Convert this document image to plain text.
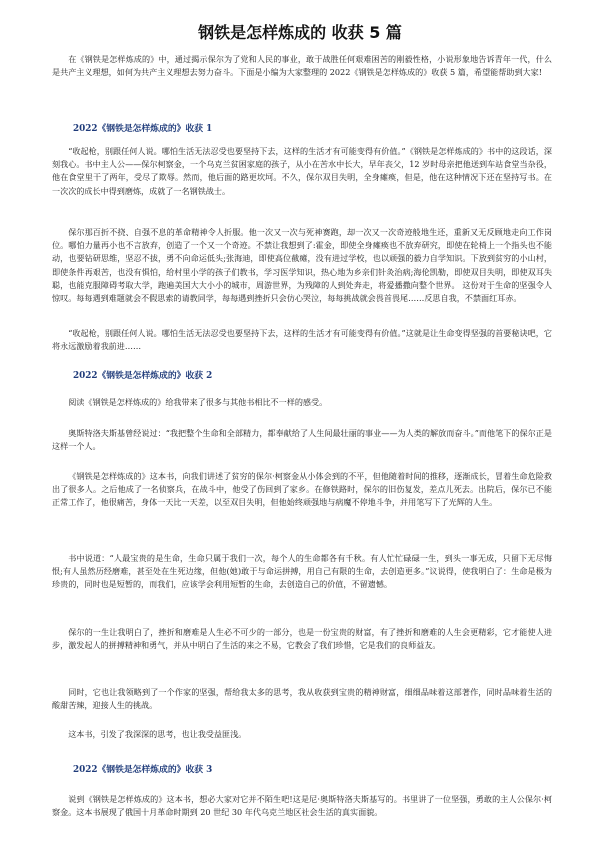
钢铁是怎样炼成的 收获 5 篇

在《钢铁是怎样炼成的》中，通过揭示保尔为了党和人民的事业，敢于战胜任何艰难困苦的刚毅性格，小说形象地告诉青年一代，什么是共产主义理想，如何为共产主义理想去努力奋斗。下面是小编为大家整理的 2022《钢铁是怎样炼成的》收获 5 篇，希望能帮助到大家!

2022《钢铁是怎样炼成的》收获 1

“收起枪，别跟任何人说。哪怕生活无法忍受也要坚持下去，这样的生活才有可能变得有价值。”《钢铁是怎样炼成的》书中的这段话，深刻我心。书中主人公——保尔柯察金，一个乌克兰贫困家庭的孩子，从小在苦水中长大，早年丧父，12 岁时母亲把他送到车站食堂当杂役，他在食堂里干了两年，受尽了欺辱。然而，他后面的路更坎坷。不久，保尔双目失明，全身瘫痪，但是，他在这种情况下还在坚持写书。在一次次的成长中得到磨炼，成就了一名钢铁战士。

保尔那百折不挠、自强不息的革命精神令人折服。他一次又一次与死神赛跑，却一次又一次奇迹般地生还，重新又无反顾地走向工作岗位。哪怕力量再小也不言放弃，创造了一个又一个奇迹。不禁让我想到了:霍金，即使全身瘫痪也不放弃研究，即使在轮椅上一个指头也不能动，也要钻研思维，坚忍不拔，勇不向命运低头;张海迪，即使高位截瘫，没有进过学校，也以顽强的毅力自学知识。下放到贫穷的小山村，即使条件再艰苦，也没有惧怕，给村里小学的孩子们教书，学习医学知识，热心地为乡亲们针灸治病;海伦凯勒，即使双目失明，即使双耳失聪，也能克服障碍考取大学，跑遍美国大大小小的城市，周游世界，为残障的人到处奔走，将爱播撒向整个世界。 这份对于生命的坚强令人惊叹。每每遇到难题就会不假思索的请教同学，每每遇到挫折只会仿心哭泣，每每挑战就会畏首畏尾……反思自我，不禁面红耳赤。

“收起枪，别跟任何人说。哪怕生活无法忍受也要坚持下去，这样的生活才有可能变得有价值。”这就是让生命变得坚强的首要秘诀吧，它将永远激励着我前进……

2022《钢铁是怎样炼成的》收获 2

阅读《钢铁是怎样炼成的》给我带来了很多与其他书相比不一样的感受。

奥斯特洛夫斯基曾经说过：“我把整个生命和全部精力，都奉献给了人生间最壮丽的事业——为人类的解放而奋斗。”而他笔下的保尔正是这样一个人。

《钢铁是怎样炼成的》这本书，向我们讲述了贫穷的保尔·柯察金从小体会到的不平，但他随着时间的推移，逐渐成长，冒着生命危险救出了很多人。之后他成了一名侦察兵，在战斗中，他受了伤回到了家乡。在修铁路时，保尔的旧伤复发，差点儿死去。出院后，保尔已不能正常工作了，他很痛苦，身体一天比一天差，以至双目失明，但他始终顽强地与病魔不停地斗争，并用笔写下了光辉的人生。

书中说道：“人最宝贵的是生命，生命只属于我们一次，每个人的生命都各有千秋。有人忙忙碌碌一生，到头一事无成，只留下无尽悔恨;有人虽然历经磨难，甚至处在生死边缘，但他(她)敢于与命运拼搏，用自己有限的生命，去创造更多。”议说得，使我明白了：生命是极为珍贵的，同时也是短暂的，而我们，应该学会利用短暂的生命，去创造自己的价值，不留遗憾。

保尔的一生让我明白了，挫折和磨难是人生必不可少的一部分，也是一份宝贵的财富，有了挫折和磨难的人生会更精彩，它才能使人进步，激发起人的拼搏精神和勇气，并从中明白了生活的来之不易，它教会了我们珍惜，它是我们的良师益友。

同时，它也让我领略到了一个作家的坚强，帮给我太多的思考，我从收获到宝贵的精神财富，细细品味着这部著作，同时品味着生活的酸甜苦辣，迎接人生的挑战。

这本书，引发了我深深的思考，也让我受益匪浅。

2022《钢铁是怎样炼成的》收获 3

说到《钢铁是怎样炼成的》这本书，想必大家对它并不陌生吧!这是尼·奥斯特洛夫斯基写的。书里讲了一位坚强，勇敢的主人公保尔·柯察金。这本书展现了俄国十月革命时期到 20 世纪 30 年代乌克兰地区社会生活的真实面貌。
